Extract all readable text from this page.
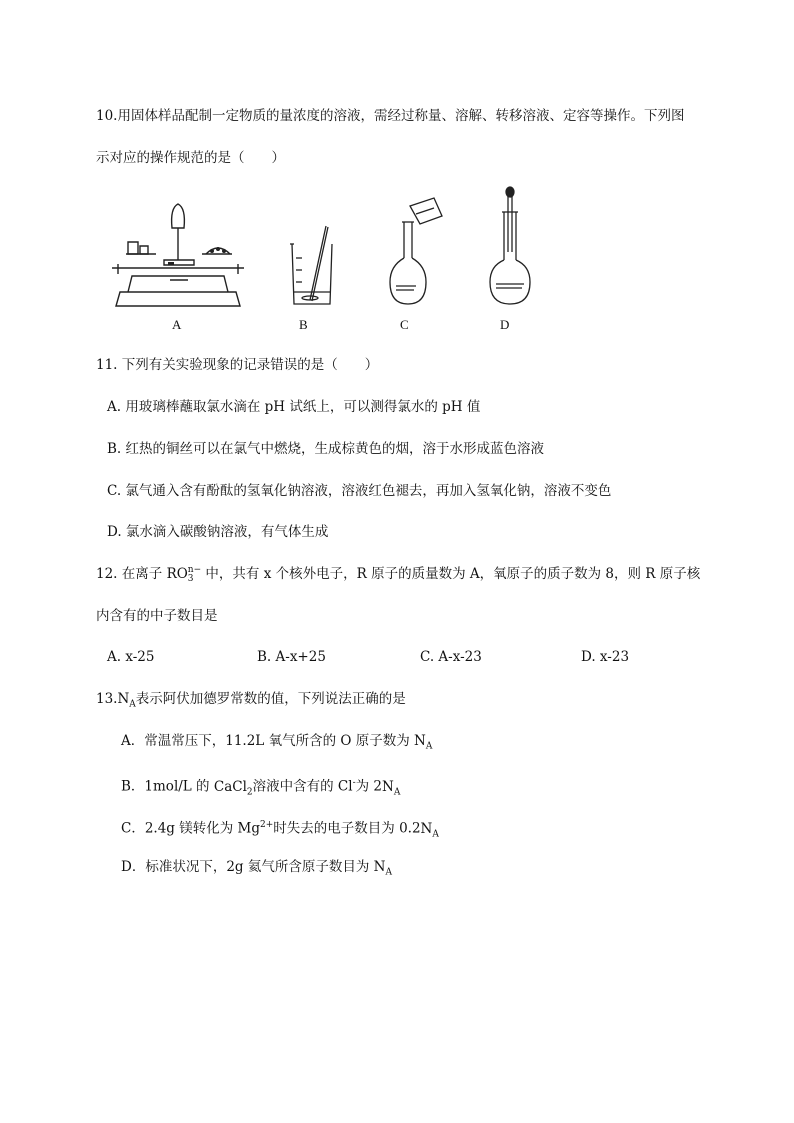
10.用固体样品配制一定物质的量浓度的溶液，需经过称量、溶解、转移溶液、定容等操作。下列图
示对应的操作规范的是（　　）
A	B	C	D
11. 下列有关实验现象的记录错误的是（　　）
A. 用玻璃棒蘸取氯水滴在 pH 试纸上，可以测得氯水的 pH 值
B. 红热的铜丝可以在氯气中燃烧，生成棕黄色的烟，溶于水形成蓝色溶液
C. 氯气通入含有酚酞的氢氧化钠溶液，溶液红色褪去，再加入氢氧化钠，溶液不变色
D. 氯水滴入碳酸钠溶液，有气体生成
12. 在离子 RO n−
3 中，共有 x 个核外电子，R 原子的质量数为 A，氧原子的质子数为 8，则 R 原子核
内含有的中子数目是
A. x-25	B. A-x+25	C. A-x-23	D. x-23
$13.N_A$表示阿伏加德罗常数的值，下列说法正确的是
A．常温常压下，11.2L 氧气所含的 O 原子数为 $N_A$
B．1mol/L 的 CaCl$_2$溶液中含有的 Cl-为 $2N_A$
C．2.4g 镁转化为 $Mg^{2+}$时失去的电子数目为 $0.2N_A$
D．标准状况下，2g 氦气所含原子数目为 $N_A$
